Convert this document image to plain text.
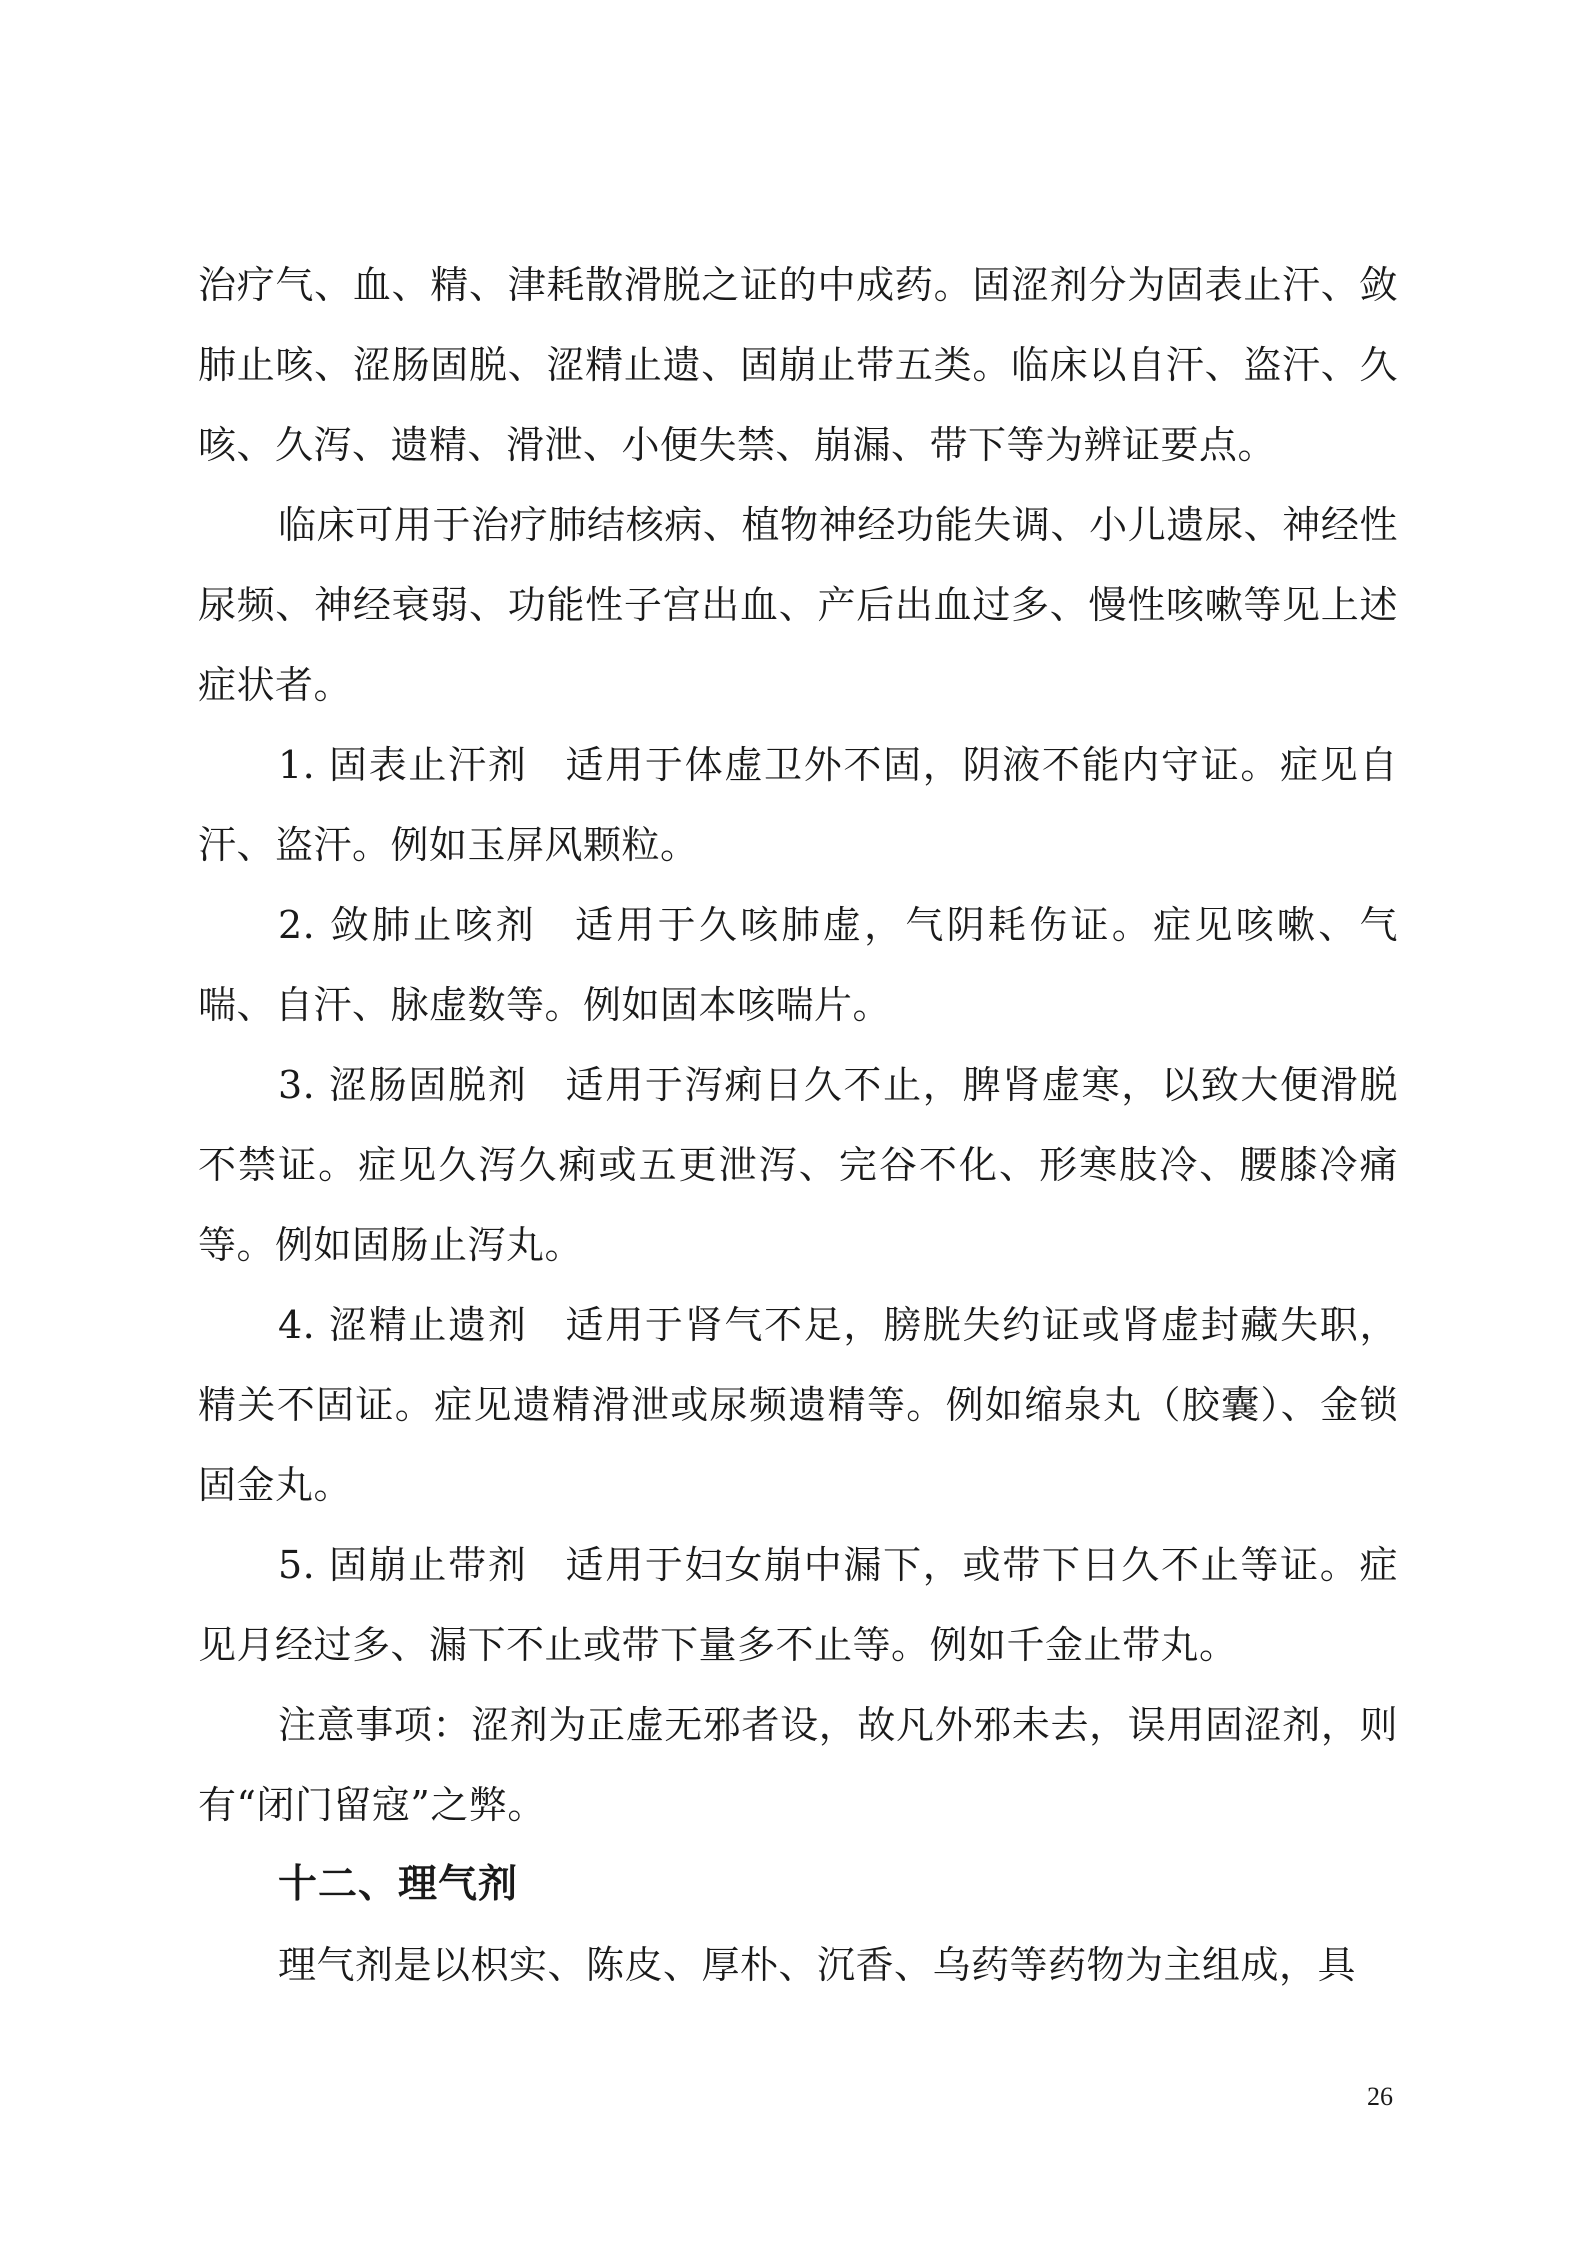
治疗气、血、精、津耗散滑脱之证的中成药。固涩剂分为固表止汗、敛肺止咳、涩肠固脱、涩精止遗、固崩止带五类。临床以自汗、盗汗、久咳、久泻、遗精、滑泄、小便失禁、崩漏、带下等为辨证要点。

临床可用于治疗肺结核病、植物神经功能失调、小儿遗尿、神经性尿频、神经衰弱、功能性子宫出血、产后出血过多、慢性咳嗽等见上述症状者。

1. 固表止汗剂 适用于体虚卫外不固，阴液不能内守证。症见自汗、盗汗。例如玉屏风颗粒。

2. 敛肺止咳剂 适用于久咳肺虚，气阴耗伤证。症见咳嗽、气喘、自汗、脉虚数等。例如固本咳喘片。

3. 涩肠固脱剂 适用于泻痢日久不止，脾肾虚寒，以致大便滑脱不禁证。症见久泻久痢或五更泄泻、完谷不化、形寒肢冷、腰膝冷痛等。例如固肠止泻丸。

4. 涩精止遗剂 适用于肾气不足，膀胱失约证或肾虚封藏失职，精关不固证。症见遗精滑泄或尿频遗精等。例如缩泉丸（胶囊）、金锁固金丸。

5. 固崩止带剂 适用于妇女崩中漏下，或带下日久不止等证。症见月经过多、漏下不止或带下量多不止等。例如千金止带丸。

注意事项：涩剂为正虚无邪者设，故凡外邪未去，误用固涩剂，则有“闭门留寇”之弊。

十二、理气剂

理气剂是以枳实、陈皮、厚朴、沉香、乌药等药物为主组成，具

26
